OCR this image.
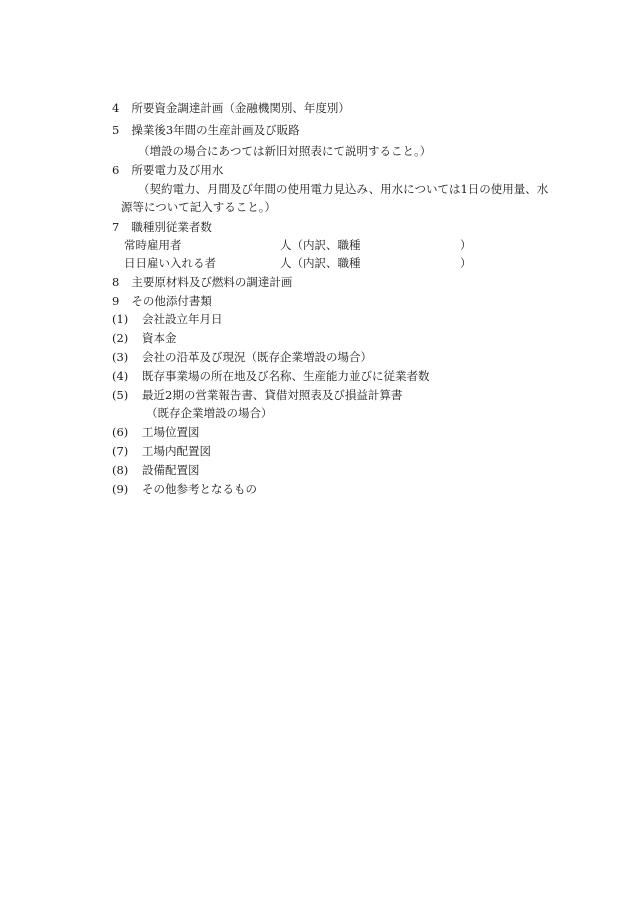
4 所要資金調達計画（金融機関別、年度別）
5 操業後3年間の生産計画及び販路
（増設の場合にあつては新旧対照表にて説明すること。）
6 所要電力及び用水
（契約電力、月間及び年間の使用電力見込み、用水については1日の使用量、水
源等について記入すること。）
7 職種別従業者数
常時雇用者	人（内訳、職種	）
日日雇い入れる者	人（内訳、職種	）
8 主要原材料及び燃料の調達計画
9 その他添付書類
(1) 会社設立年月日
(2) 資本金
(3) 会社の沿革及び現況（既存企業増設の場合）
(4) 既存事業場の所在地及び名称、生産能力並びに従業者数
(5) 最近2期の営業報告書、貸借対照表及び損益計算書
（既存企業増設の場合）
(6) 工場位置図
(7) 工場内配置図
(8) 設備配置図
(9) その他参考となるもの
